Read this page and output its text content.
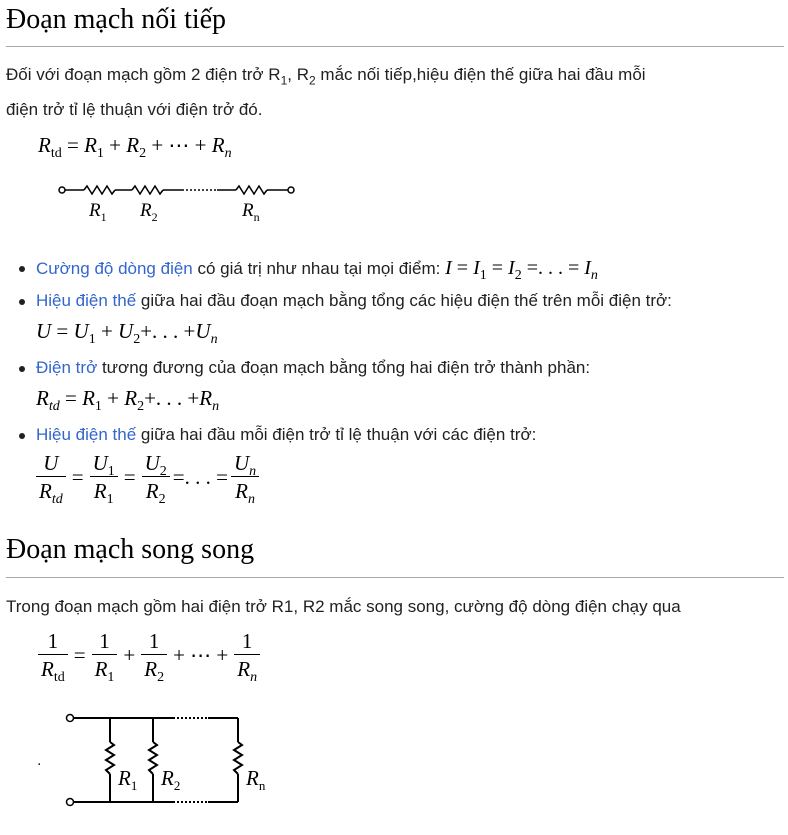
Đoạn mạch nối tiếp
Đối với đoạn mạch gồm 2 điện trở $R_1$, $R_2$ mắc nối tiếp,hiệu điện thế giữa hai đầu mỗi
điện trở tỉ lệ thuận với điện trở đó.
$R_{td} = R_1 + R_2$ + ⋯ + $R_n$
$R_1$ $R_2$	$R_n$
Cường độ dòng điện có giá trị như nhau tại mọi điểm: $I = I_1 = I_2$ =. . . = $I_n$
Hiệu điện thế giữa hai đầu đoạn mạch bằng tổng các hiệu điện thế trên mỗi điện trở:
$U = U_1 + U_2+$. . . $+U_n$
Điện trở tương đương của đoạn mạch bằng tổng hai điện trở thành phần:
$R_{td} = R_1 + R_2+$. . . $+R_n$
Hiệu điện thế giữa hai đầu mỗi điện trở tỉ lệ thuận với các điện trở:
$\frac{U}{R_{td}} = \frac{U_1}{R_1} = \frac{U_2}{R_2}$ =. . . = $\frac{U_n}{R_n}$
Đoạn mạch song song
Trong đoạn mạch gồm hai điện trở R1, R2 mắc song song, cường độ dòng điện chạy qua
$\frac{1}{R_{td}} = \frac{1}{R_1} + \frac{1}{R_2}$ + ⋯ + $\frac{1}{R_n}$
.
$R_1$ $R_2$	$R_n$
